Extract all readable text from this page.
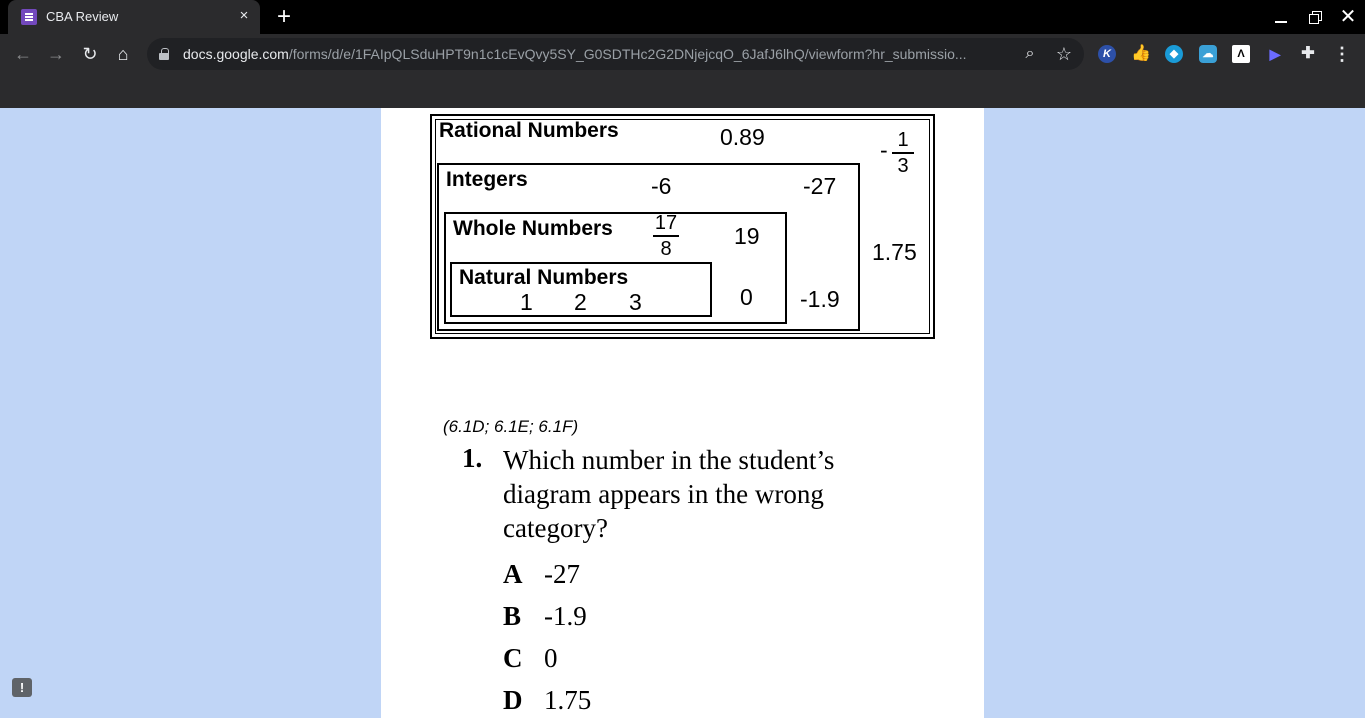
CBA Review	× +	✕
← → ↻	⌂	docs.google.com/forms/d/e/1FAIpQLSduHPT9n1c1cEvQvy5SY_G0SDTHc2G2DNjejcqO_6JafJ6lhQ/viewform?hr_submissio...	⌕	☆	K	👍	◆	☁	Λ	▶ ✚ ⋮
Rational Numbers	0.89	- 1
3
1.75
Integers	-6	-27
-1.9
Whole Numbers 17
8	19
0
Natural Numbers
1 2 3
(6.1D; 6.1E; 6.1F)
1. Which number in the student’s diagram appears in the wrong category?
A -27
B -1.9
C 0
D 1.75
!
